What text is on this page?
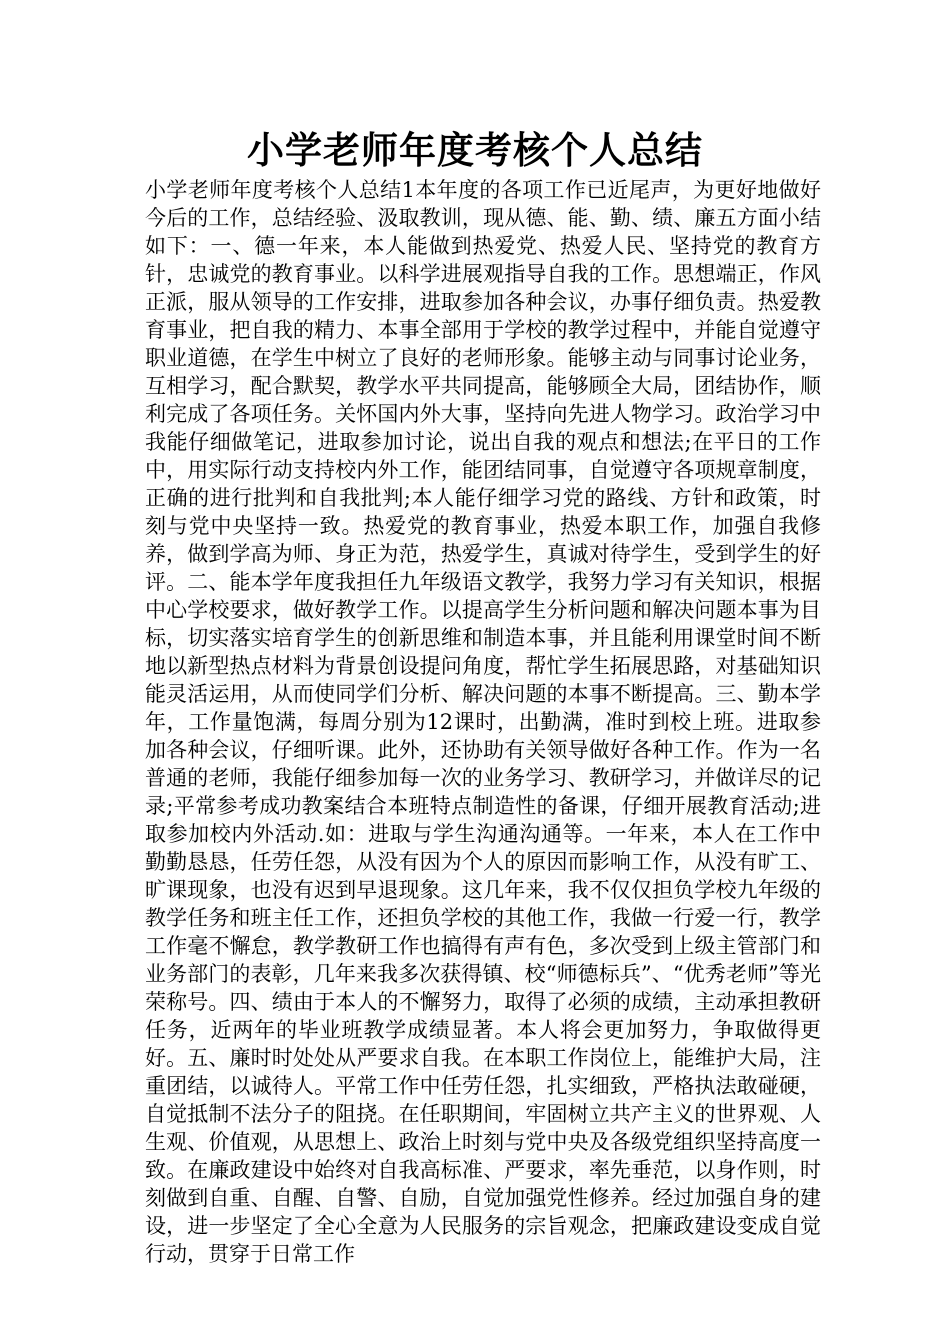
小学老师年度考核个人总结

小学老师年度考核个人总结1本年度的各项工作已近尾声，为更好地做好今后的工作，总结经验、汲取教训，现从德、能、勤、绩、廉五方面小结如下：一、德一年来，本人能做到热爱党、热爱人民、坚持党的教育方针，忠诚党的教育事业。以科学进展观指导自我的工作。思想端正，作风正派，服从领导的工作安排，进取参加各种会议，办事仔细负责。热爱教育事业，把自我的精力、本事全部用于学校的教学过程中，并能自觉遵守职业道德，在学生中树立了良好的老师形象。能够主动与同事讨论业务，互相学习，配合默契，教学水平共同提高，能够顾全大局，团结协作，顺利完成了各项任务。关怀国内外大事，坚持向先进人物学习。政治学习中我能仔细做笔记，进取参加讨论，说出自我的观点和想法;在平日的工作中，用实际行动支持校内外工作，能团结同事，自觉遵守各项规章制度，正确的进行批判和自我批判;本人能仔细学习党的路线、方针和政策，时刻与党中央坚持一致。热爱党的教育事业，热爱本职工作，加强自我修养，做到学高为师、身正为范，热爱学生，真诚对待学生，受到学生的好评。二、能本学年度我担任九年级语文教学，我努力学习有关知识，根据中心学校要求，做好教学工作。以提高学生分析问题和解决问题本事为目标，切实落实培育学生的创新思维和制造本事，并且能利用课堂时间不断地以新型热点材料为背景创设提问角度，帮忙学生拓展思路，对基础知识能灵活运用，从而使同学们分析、解决问题的本事不断提高。三、勤本学年，工作量饱满，每周分别为12课时，出勤满，准时到校上班。进取参加各种会议，仔细听课。此外，还协助有关领导做好各种工作。作为一名普通的老师，我能仔细参加每一次的业务学习、教研学习，并做详尽的记录;平常参考成功教案结合本班特点制造性的备课，仔细开展教育活动;进取参加校内外活动.如：进取与学生沟通沟通等。一年来，本人在工作中勤勤恳恳，任劳任怨，从没有因为个人的原因而影响工作，从没有旷工、旷课现象，也没有迟到早退现象。这几年来，我不仅仅担负学校九年级的教学任务和班主任工作，还担负学校的其他工作，我做一行爱一行，教学工作毫不懈怠，教学教研工作也搞得有声有色，多次受到上级主管部门和业务部门的表彰，几年来我多次获得镇、校“师德标兵”、“优秀老师”等光荣称号。四、绩由于本人的不懈努力，取得了必须的成绩，主动承担教研任务，近两年的毕业班教学成绩显著。本人将会更加努力，争取做得更好。五、廉时时处处从严要求自我。在本职工作岗位上，能维护大局，注重团结，以诚待人。平常工作中任劳任怨，扎实细致，严格执法敢碰硬，自觉抵制不法分子的阻挠。在任职期间，牢固树立共产主义的世界观、人生观、价值观，从思想上、政治上时刻与党中央及各级党组织坚持高度一致。在廉政建设中始终对自我高标准、严要求，率先垂范，以身作则，时刻做到自重、自醒、自警、自励，自觉加强党性修养。经过加强自身的建设，进一步坚定了全心全意为人民服务的宗旨观念，把廉政建设变成自觉行动，贯穿于日常工作
